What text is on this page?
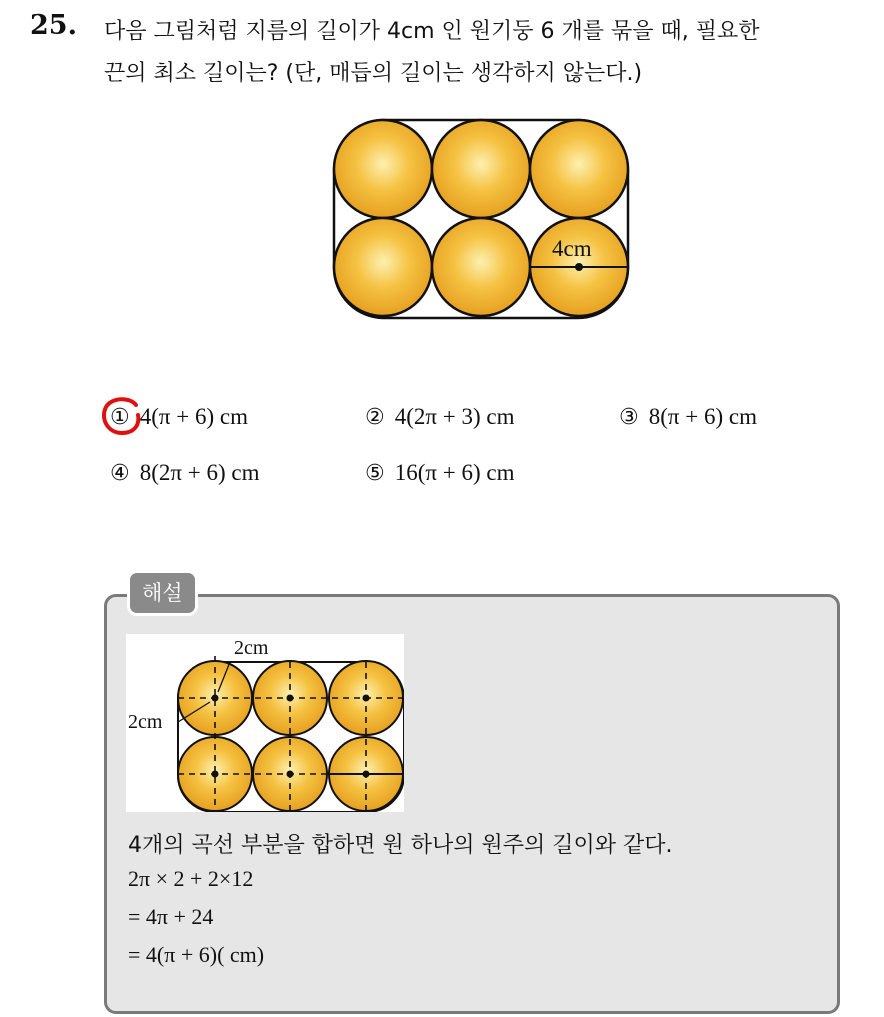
25. 다음 그림처럼 지름의 길이가 4cm 인 원기둥 6 개를 묶을 때, 필요한
끈의 최소 길이는? (단, 매듭의 길이는 생각하지 않는다.)
4cm
① 4(π + 6) cm	② 4(2π + 3) cm	③ 8(π + 6) cm
④ 8(2π + 6) cm	⑤ 16(π + 6) cm
해설
2cm
2cm
4개의 곡선 부분을 합하면 원 하나의 원주의 길이와 같다.
2π × 2 + 2×12
= 4π + 24
= 4(π + 6)( cm)
